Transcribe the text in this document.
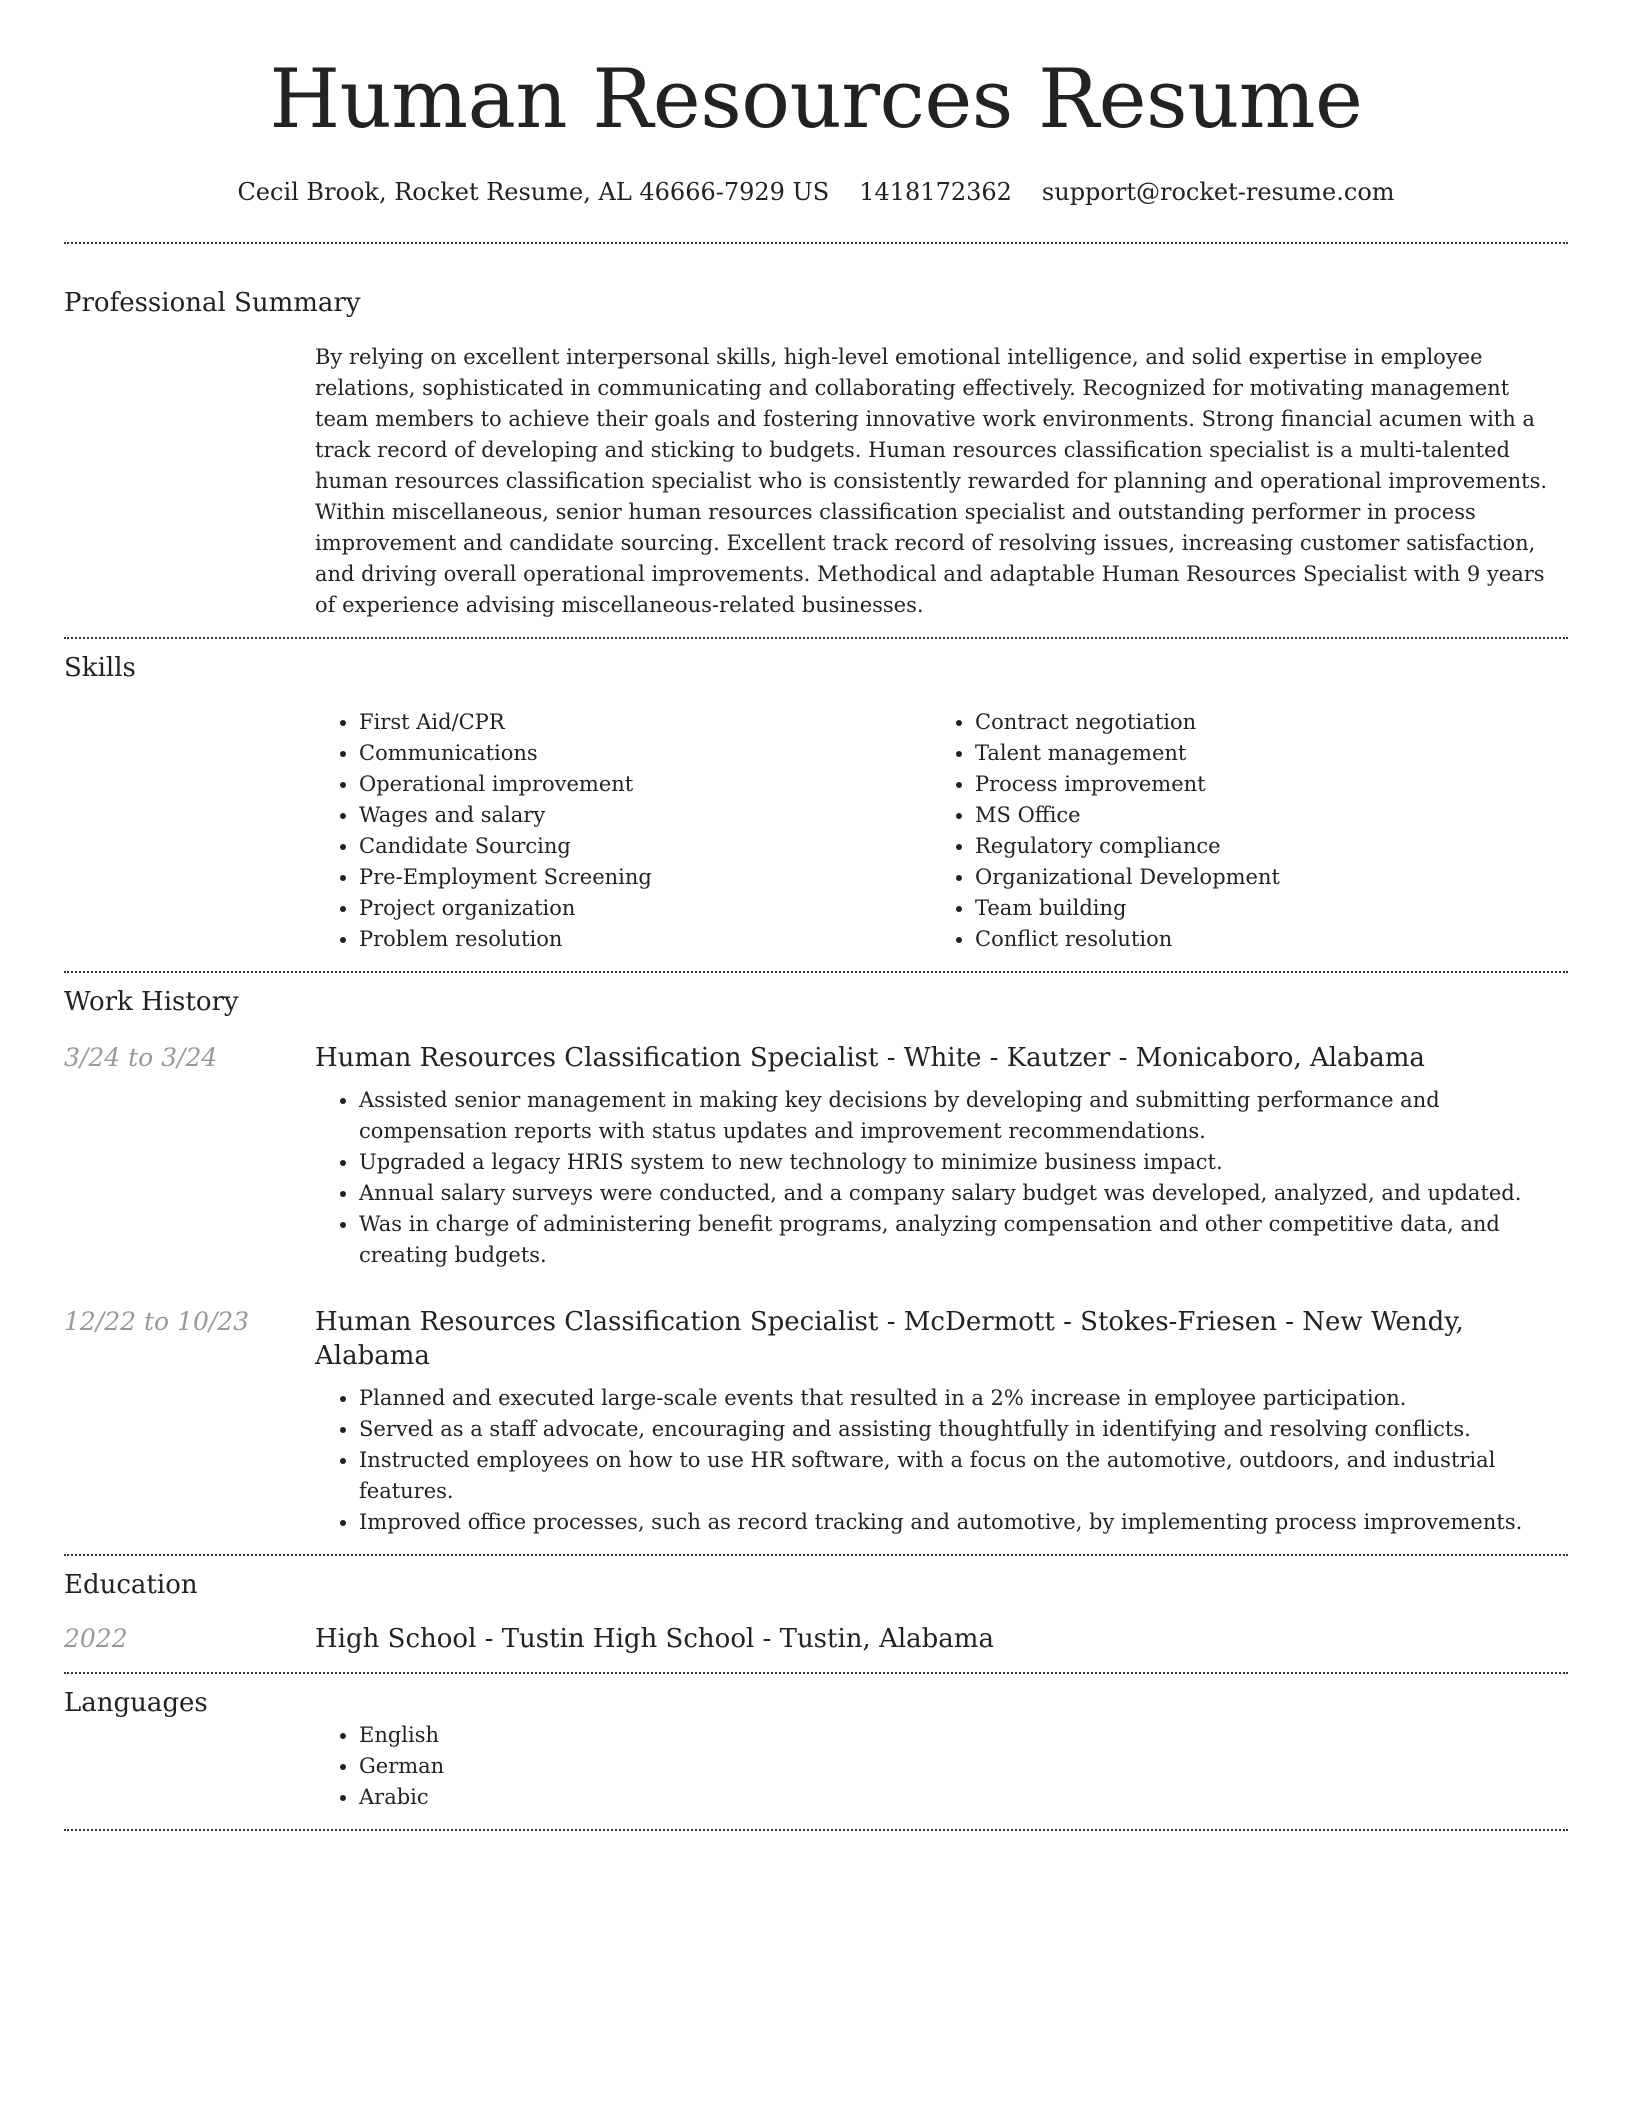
Human Resources Resume
Cecil Brook, Rocket Resume, AL 46666-7929 US 1418172362 support@rocket-resume.com
Professional Summary

By relying on excellent interpersonal skills, high-level emotional intelligence, and solid expertise in employee relations, sophisticated in communicating and collaborating effectively. Recognized for motivating management team members to achieve their goals and fostering innovative work environments. Strong financial acumen with a track record of developing and sticking to budgets. Human resources classification specialist is a multi-talented human resources classification specialist who is consistently rewarded for planning and operational improvements. Within miscellaneous, senior human resources classification specialist and outstanding performer in process improvement and candidate sourcing. Excellent track record of resolving issues, increasing customer satisfaction, and driving overall operational improvements. Methodical and adaptable Human Resources Specialist with 9 years of experience advising miscellaneous-related businesses.

Skills
• First Aid/CPR
• Communications
• Operational improvement
• Wages and salary
• Candidate Sourcing
• Pre-Employment Screening
• Project organization
• Problem resolution
• Contract negotiation
• Talent management
• Process improvement
• MS Office
• Regulatory compliance
• Organizational Development
• Team building
• Conflict resolution
Work History
3/24 to 3/24	Human Resources Classification Specialist - White - Kautzer - Monicaboro, Alabama
• Assisted senior management in making key decisions by developing and submitting performance and compensation reports with status updates and improvement recommendations.
• Upgraded a legacy HRIS system to new technology to minimize business impact.
• Annual salary surveys were conducted, and a company salary budget was developed, analyzed, and updated.
• Was in charge of administering benefit programs, analyzing compensation and other competitive data, and creating budgets.
12/22 to 10/23	Human Resources Classification Specialist - McDermott - Stokes-Friesen - New Wendy, Alabama
• Planned and executed large-scale events that resulted in a 2% increase in employee participation.
• Served as a staff advocate, encouraging and assisting thoughtfully in identifying and resolving conflicts.
• Instructed employees on how to use HR software, with a focus on the automotive, outdoors, and industrial features.
• Improved office processes, such as record tracking and automotive, by implementing process improvements.
Education
2022	High School - Tustin High School - Tustin, Alabama
Languages
• English
• German
• Arabic
